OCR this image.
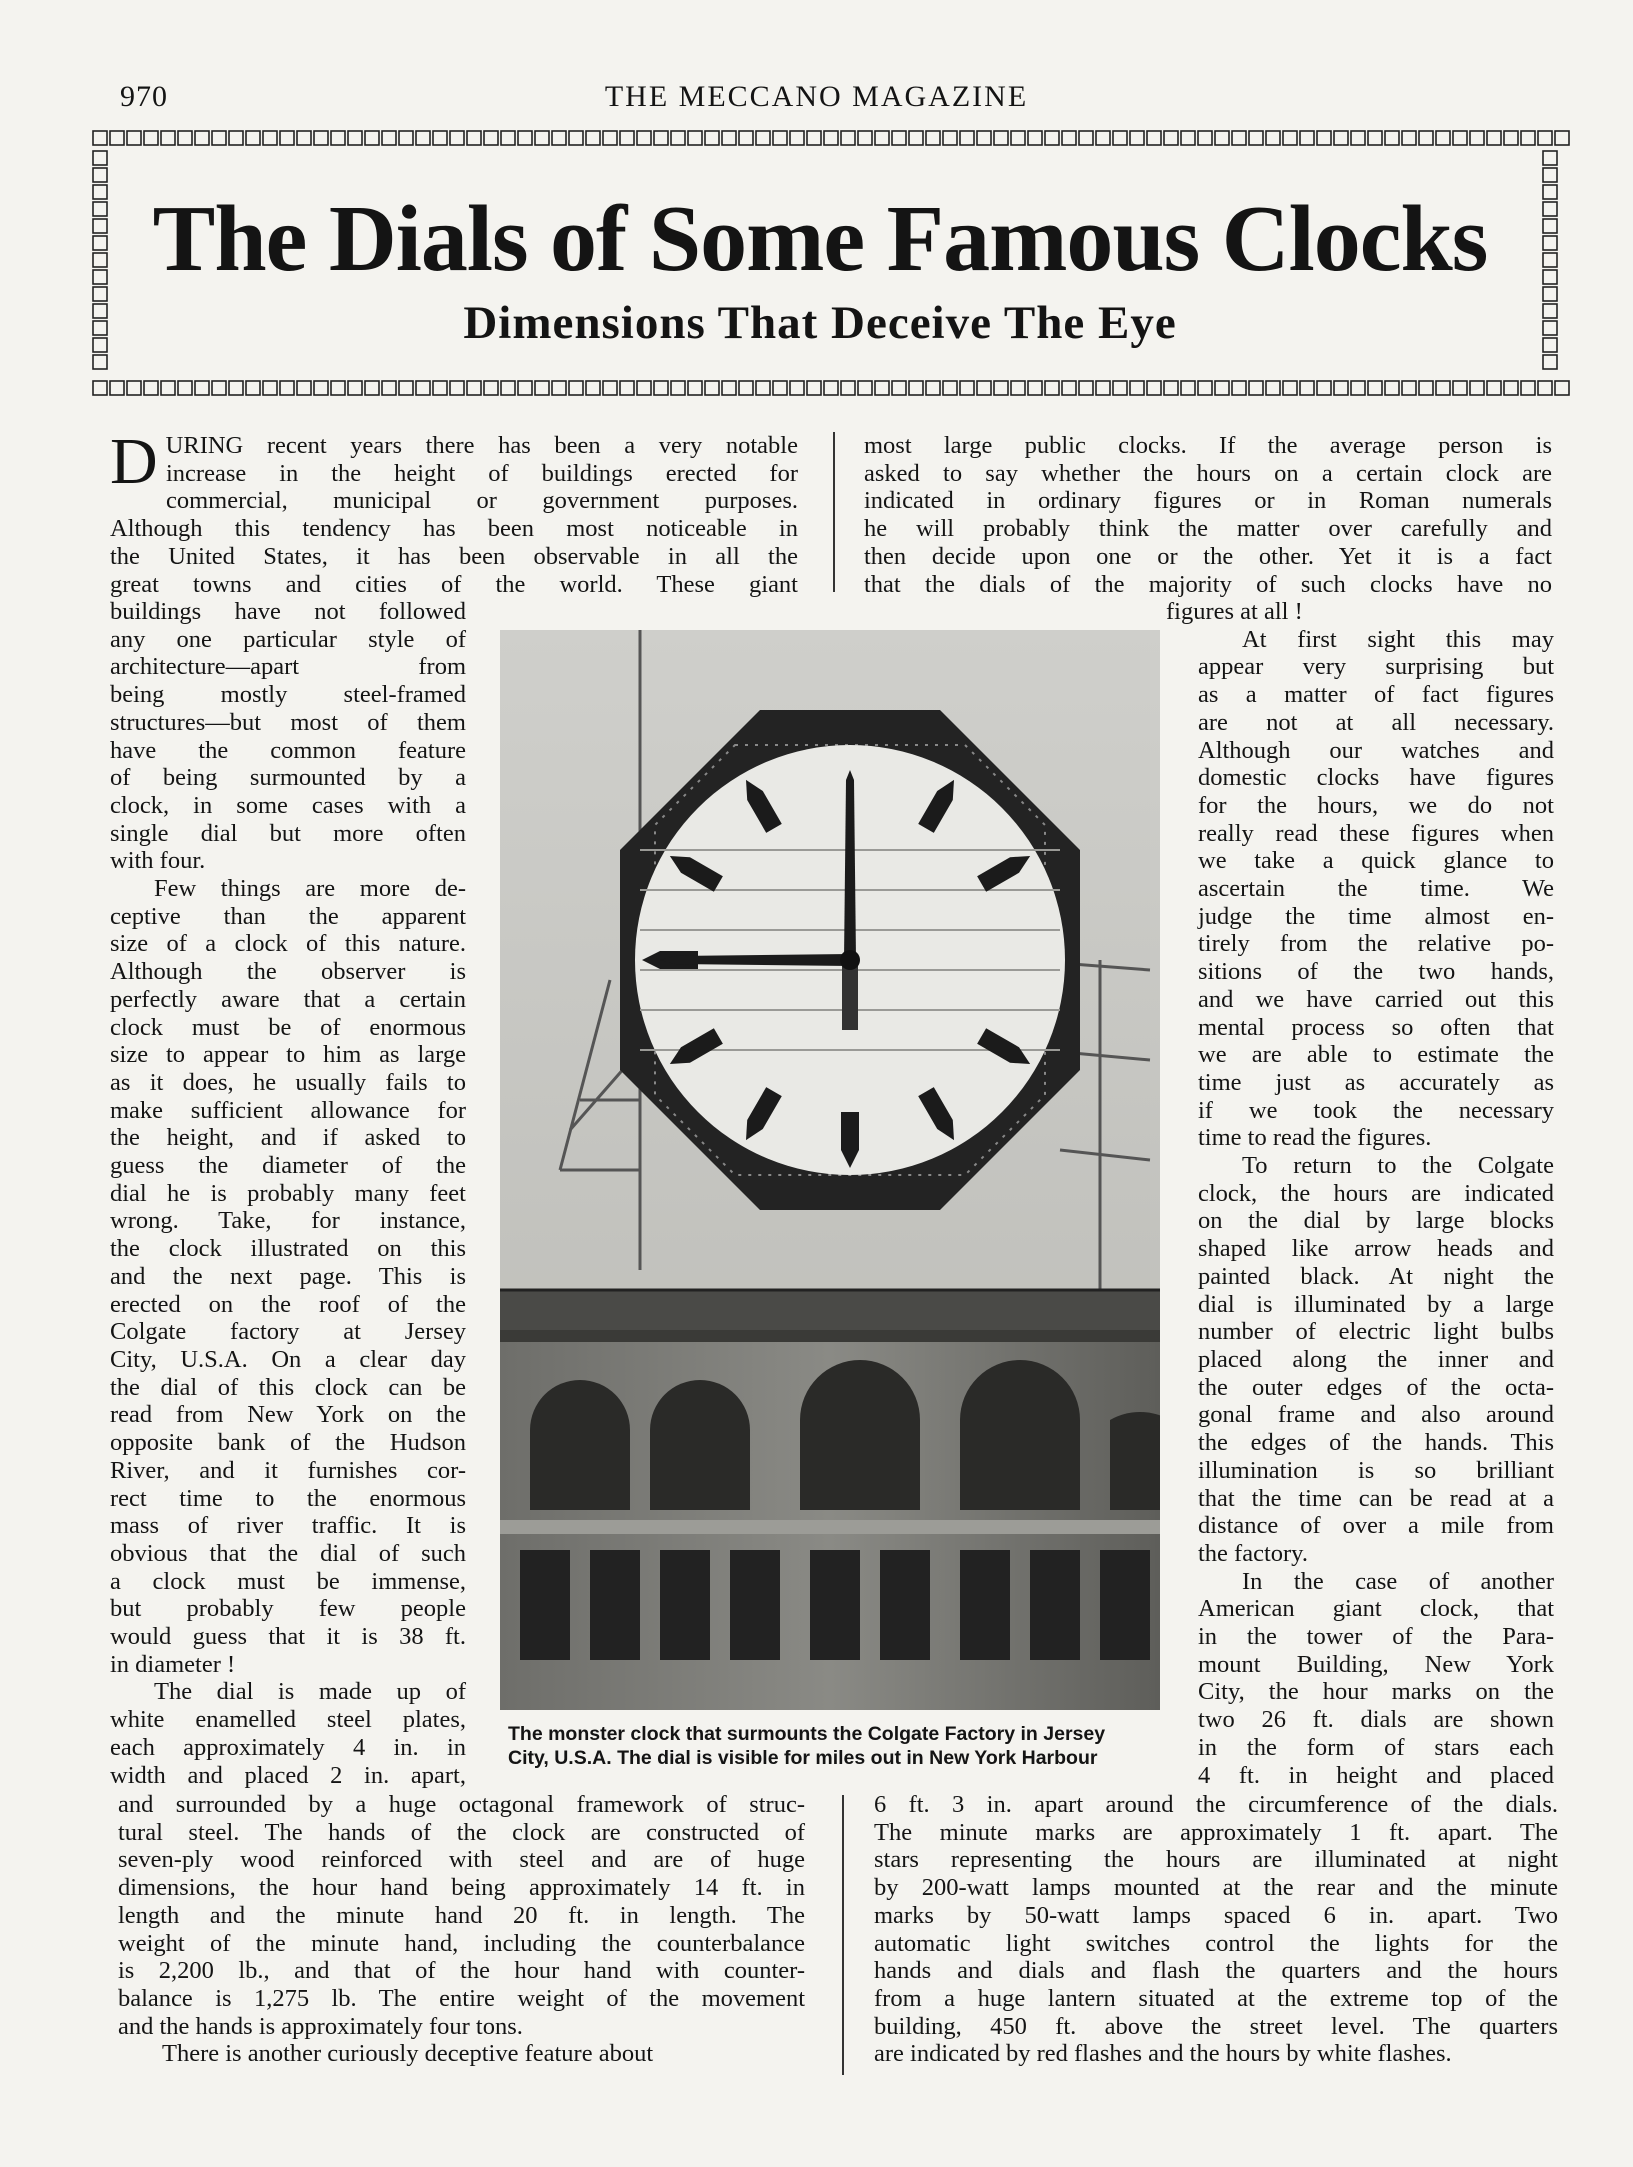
970	THE MECCANO MAGAZINE
The Dials of Some Famous Clocks
Dimensions That Deceive The Eye
D URING recent years there has been a very notable

increase in the height of buildings erected for

commercial, municipal or government purposes.

Although this tendency has been most noticeable in

the United States, it has been observable in all the

great towns and cities of the world. These giant

buildings have not followed

any one particular style of

architecture—apart from

being mostly steel-framed

structures—but most of them

have the common feature

of being surmounted by a

clock, in some cases with a

single dial but more often

with four.

Few things are more de-

ceptive than the apparent

size of a clock of this nature.

Although the observer is

perfectly aware that a certain

clock must be of enormous

size to appear to him as large

as it does, he usually fails to

make sufficient allowance for

the height, and if asked to

guess the diameter of the

dial he is probably many feet

wrong. Take, for instance,

the clock illustrated on this

and the next page. This is

erected on the roof of the

Colgate factory at Jersey

City, U.S.A. On a clear day

the dial of this clock can be

read from New York on the

opposite bank of the Hudson

River, and it furnishes cor-

rect time to the enormous

mass of river traffic. It is

obvious that the dial of such

a clock must be immense,

but probably few people

would guess that it is 38 ft.

in diameter !

The dial is made up of

white enamelled steel plates,

each approximately 4 in. in

width and placed 2 in. apart,

and surrounded by a huge octagonal framework of struc-

tural steel. The hands of the clock are constructed of

seven-ply wood reinforced with steel and are of huge

dimensions, the hour hand being approximately 14 ft. in

length and the minute hand 20 ft. in length. The

weight of the minute hand, including the counterbalance

is 2,200 lb., and that of the hour hand with counter-

balance is 1,275 lb. The entire weight of the movement

and the hands is approximately four tons.

There is another curiously deceptive feature about

most large public clocks. If the average person is

asked to say whether the hours on a certain clock are

indicated in ordinary figures or in Roman numerals

he will probably think the matter over carefully and

then decide upon one or the other. Yet it is a fact

that the dials of the majority of such clocks have no

figures at all !

At first sight this may

appear very surprising but

as a matter of fact figures

are not at all necessary.

Although our watches and

domestic clocks have figures

for the hours, we do not

really read these figures when

we take a quick glance to

ascertain the time. We

judge the time almost en-

tirely from the relative po-

sitions of the two hands,

and we have carried out this

mental process so often that

we are able to estimate the

time just as accurately as

if we took the necessary

time to read the figures.

To return to the Colgate

clock, the hours are indicated

on the dial by large blocks

shaped like arrow heads and

painted black. At night the

dial is illuminated by a large

number of electric light bulbs

placed along the inner and

the outer edges of the octa-

gonal frame and also around

the edges of the hands. This

illumination is so brilliant

that the time can be read at a

distance of over a mile from

the factory.

In the case of another

American giant clock, that

in the tower of the Para-

mount Building, New York

City, the hour marks on the

two 26 ft. dials are shown

in the form of stars each

4 ft. in height and placed

6 ft. 3 in. apart around the circumference of the dials.

The minute marks are approximately 1 ft. apart. The

stars representing the hours are illuminated at night

by 200-watt lamps mounted at the rear and the minute

marks by 50-watt lamps spaced 6 in. apart. Two

automatic light switches control the lights for the

hands and dials and flash the quarters and the hours

from a huge lantern situated at the extreme top of the

building, 450 ft. above the street level. The quarters

are indicated by red flashes and the hours by white flashes.

The monster clock that surmounts the Colgate Factory in Jersey
City, U.S.A. The dial is visible for miles out in New York Harbour
